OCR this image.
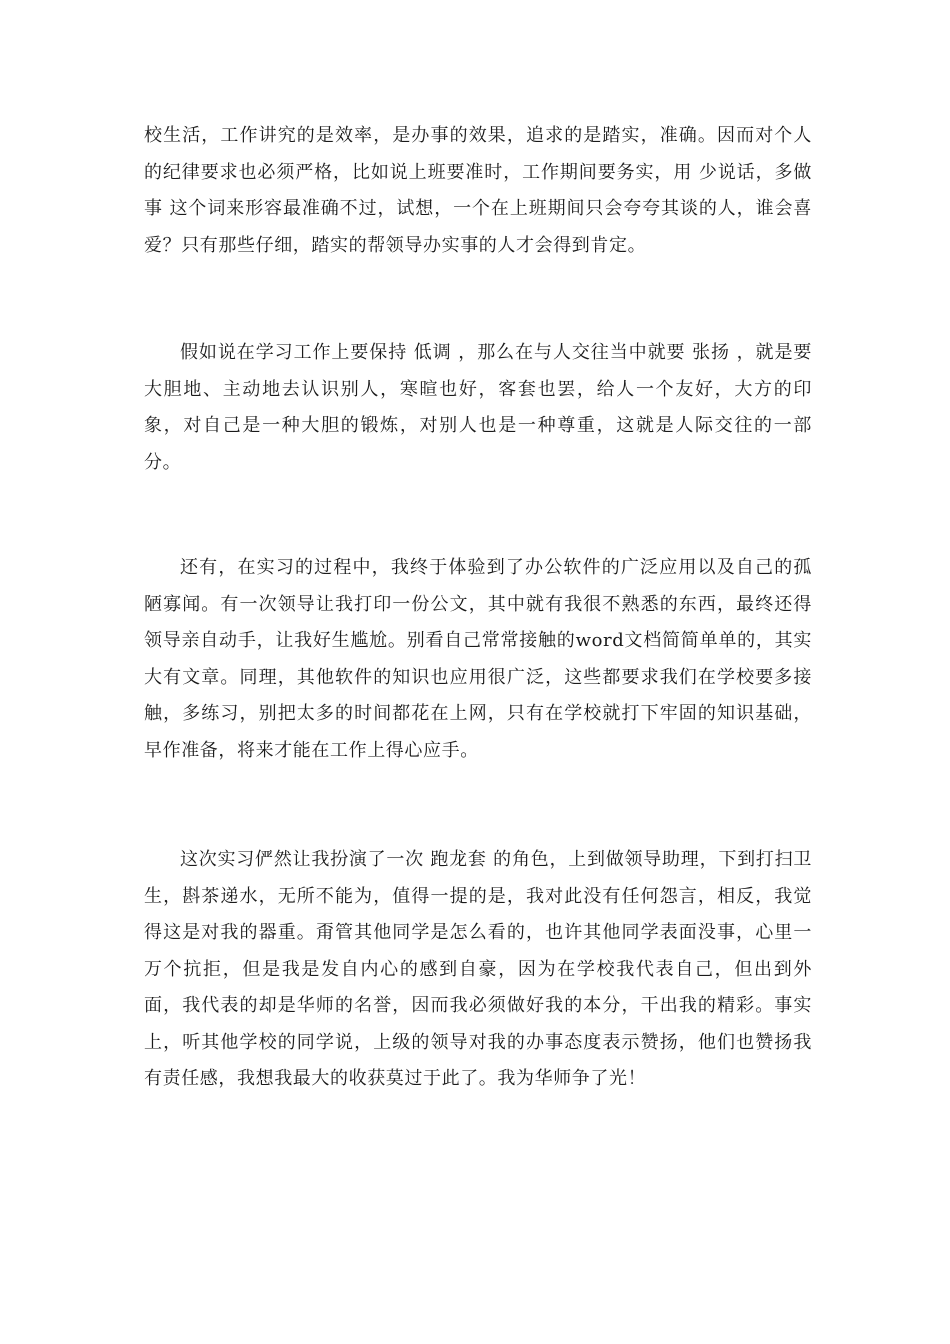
校生活，工作讲究的是效率，是办事的效果，追求的是踏实，准确。因而对个人的纪律要求也必须严格，比如说上班要准时，工作期间要务实，用 少说话，多做事 这个词来形容最准确不过，试想，一个在上班期间只会夸夸其谈的人，谁会喜爱？只有那些仔细，踏实的帮领导办实事的人才会得到肯定。

假如说在学习工作上要保持 低调 ，那么在与人交往当中就要 张扬 ，就是要大胆地、主动地去认识别人，寒暄也好，客套也罢，给人一个友好，大方的印象，对自己是一种大胆的锻炼，对别人也是一种尊重，这就是人际交往的一部分。

还有，在实习的过程中，我终于体验到了办公软件的广泛应用以及自己的孤陋寡闻。有一次领导让我打印一份公文，其中就有我很不熟悉的东西，最终还得领导亲自动手，让我好生尴尬。别看自己常常接触的word文档简简单单的，其实大有文章。同理，其他软件的知识也应用很广泛，这些都要求我们在学校要多接触，多练习，别把太多的时间都花在上网，只有在学校就打下牢固的知识基础，早作准备，将来才能在工作上得心应手。

这次实习俨然让我扮演了一次 跑龙套 的角色，上到做领导助理，下到打扫卫生，斟茶递水，无所不能为，值得一提的是，我对此没有任何怨言，相反，我觉得这是对我的器重。甭管其他同学是怎么看的，也许其他同学表面没事，心里一万个抗拒，但是我是发自内心的感到自豪，因为在学校我代表自己，但出到外面，我代表的却是华师的名誉，因而我必须做好我的本分，干出我的精彩。事实上，听其他学校的同学说，上级的领导对我的办事态度表示赞扬，他们也赞扬我有责任感，我想我最大的收获莫过于此了。我为华师争了光！
